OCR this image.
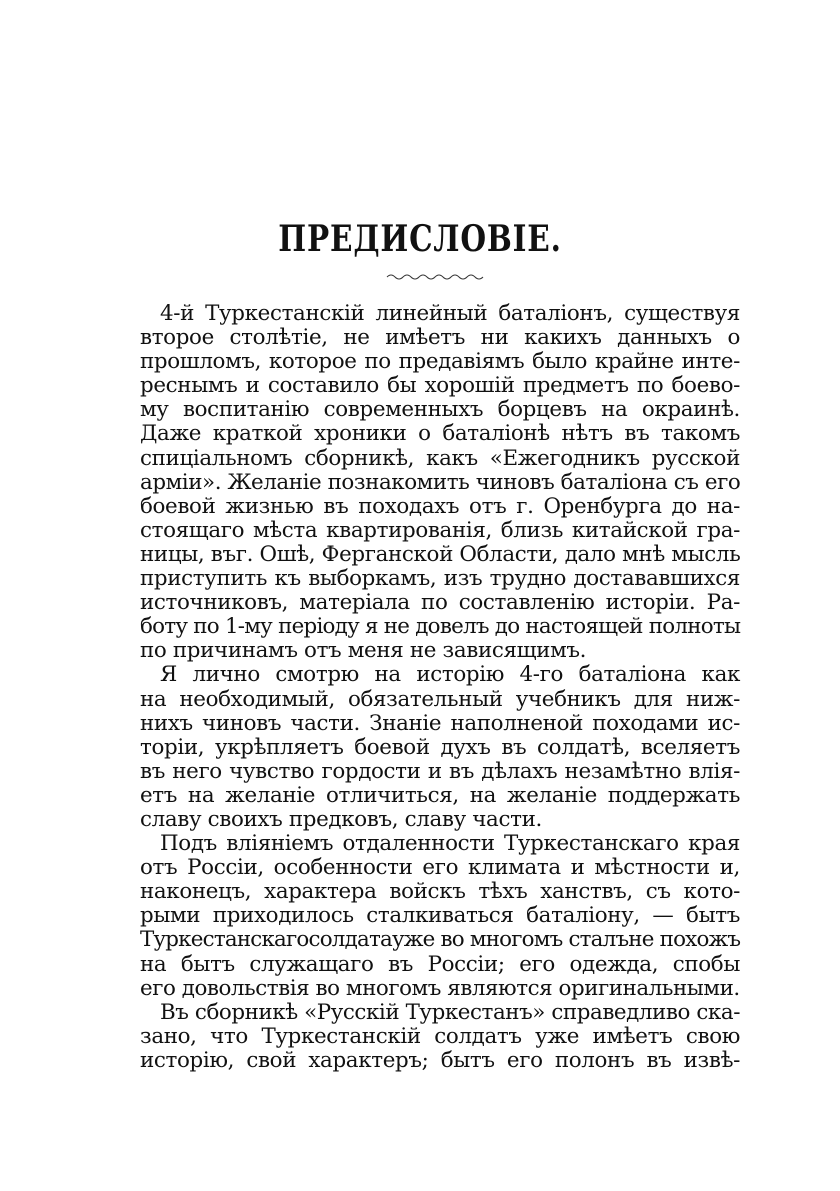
ПРЕДИСЛОВIЕ.
4-й Туркестанскій линейный баталіонъ, существуя
второе столѣтіе, не имѣетъ ни какихъ данныхъ о
прошломъ, которое по предавіямъ было крайне инте-
реснымъ и составило бы хорошій предметъ по боево-
му воспитанію современныхъ борцевъ на окраинѣ.
Даже краткой хроники о баталіонѣ нѣтъ въ такомъ
спиціальномъ сборникѣ, какъ «Ежегодникъ русской
арміи». Желаніе познакомить чиновъ баталіона съ его
боевой жизнью въ походахъ отъ г. Оренбурга до на-
стоящаго мѣста квартированія, близь китайской гра-
ницы, въг. Ошѣ, Ферганской Области, дало мнѣ мысль
приступить къ выборкамъ, изъ трудно достававшихся
источниковъ, матеріала по составленію исторіи. Ра-
боту по 1-му періоду я не довелъ до настоящей полноты
по причинамъ отъ меня не зависящимъ.
Я лично смотрю на исторію 4-го баталіона как
на необходимый, обязательный учебникъ для ниж-
нихъ чиновъ части. Знаніе наполненой походами ис-
торіи, укрѣпляетъ боевой духъ въ солдатѣ, вселяетъ
въ него чувство гордости и въ дѣлахъ незамѣтно влія-
етъ на желаніе отличиться, на желаніе поддержать
славу своихъ предковъ, славу части.
Подъ вліяніемъ отдаленности Туркестанскаго края
отъ Россіи, особенности его климата и мѣстности и,
наконецъ, характера войскъ тѣхъ ханствъ, съ кото-
рыми приходилось сталкиваться баталіону, — бытъ
Туркестанскагосолдатауже во многомъ сталъне похожъ
на бытъ служащаго въ Россіи; его одежда, спобы
его довольствія во многомъ являются оригинальными.
Въ сборникѣ «Русскій Туркестанъ» справедливо ска-
зано, что Туркестанскій солдатъ уже имѣетъ свою
исторію, свой характеръ; бытъ его полонъ въ извѣ-
